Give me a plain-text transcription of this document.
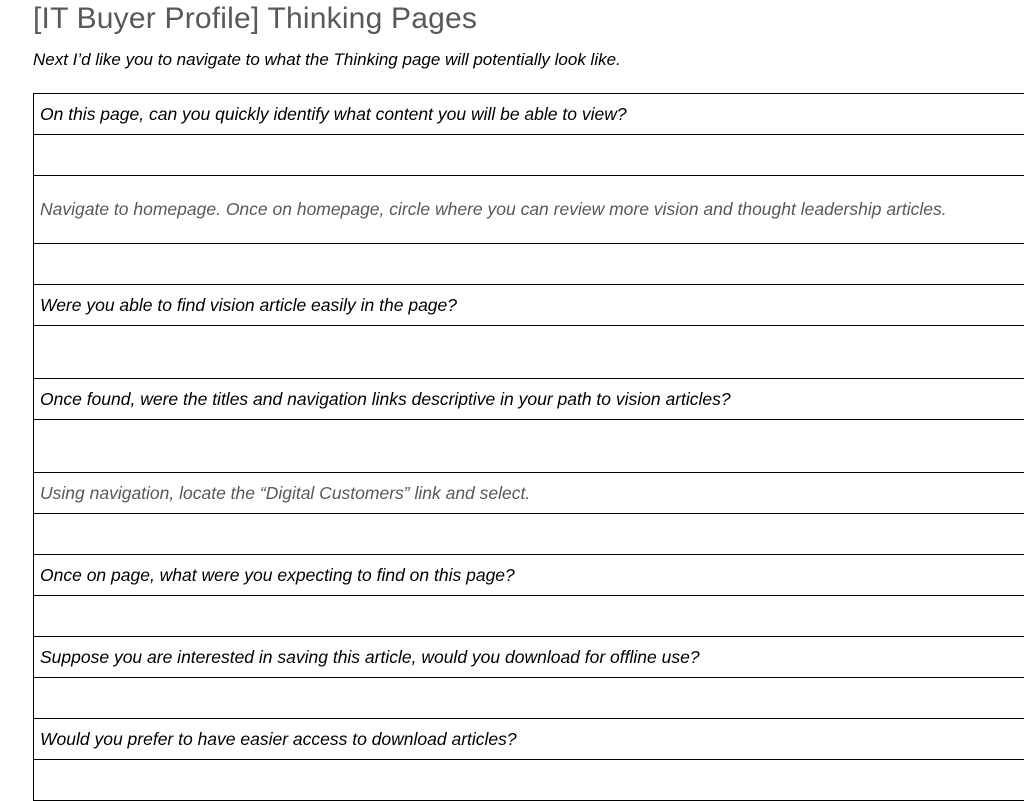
[IT Buyer Profile] Thinking Pages
Next I’d like you to navigate to what the Thinking page will potentially look like.
On this page, can you quickly identify what content you will be able to view?

Navigate to homepage. Once on homepage, circle where you can review more vision and thought leadership articles.

Were you able to find vision article easily in the page?

Once found, were the titles and navigation links descriptive in your path to vision articles?

Using navigation, locate the “Digital Customers” link and select.

Once on page, what were you expecting to find on this page?

Suppose you are interested in saving this article, would you download for offline use?

Would you prefer to have easier access to download articles?
